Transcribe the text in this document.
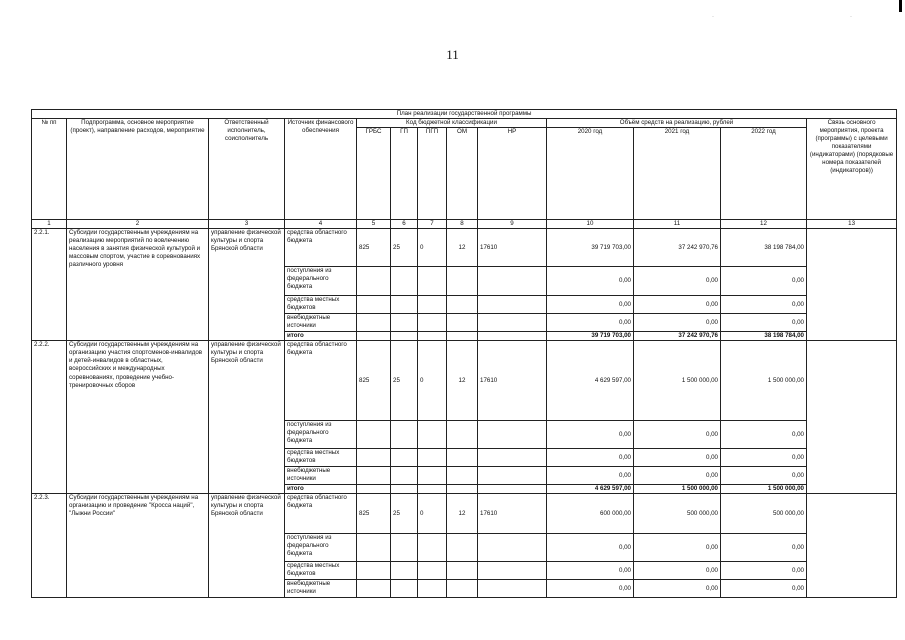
·	·
11
План реализации государственной программы												
№ пп	Подпрограмма, основное мероприятие (проект), направление расходов, мероприятие	Ответственный исполнитель, соисполнитель	Источник финансового обеспечения	Код бюджетной классификации					Объём средств на реализацию, рублей			Связь основного мероприятия, проекта (программы) с целевыми показателями (индикаторами) (порядковые номера показателей (индикаторов))
				ГРБС	ГП	ПГП	ОМ	НР	2020 год	2021 год	2022 год	
1	2	3	4	5	6	7	8	9	10	11	12	13
2.2.1.	Субсидии государственным учреждениям на реализацию мероприятий по вовлечению населения в занятия физической культурой и массовым спортом, участие в соревнованиях различного уровня	управление физической культуры и спорта Брянской области	средства областного бюджета	825	25	0	12	17610	39 719 703,00	37 242 970,76	38 198 784,00	
			поступления из федерального бюджета						0,00	0,00	0,00	
			средства местных бюджетов						0,00	0,00	0,00	
			внебюджетные источники						0,00	0,00	0,00	
			итого						39 719 703,00	37 242 970,76	38 198 784,00	
2.2.2.	Субсидии государственным учреждениям на организацию участия спортсменов-инвалидов и детей-инвалидов в областных, всероссийских и международных соревнованиях, проведение учебно-тренировочных сборов	управление физической культуры и спорта Брянской области	средства областного бюджета	825	25	0	12	17610	4 629 597,00	1 500 000,00	1 500 000,00	
			поступления из федерального бюджета						0,00	0,00	0,00	
			средства местных бюджетов						0,00	0,00	0,00	
			внебюджетные источники						0,00	0,00	0,00	
			итого						4 629 597,00	1 500 000,00	1 500 000,00	
2.2.3.	Субсидии государственным учреждениям на организацию и проведение "Кросса наций", "Лыжни России"	управление физической культуры и спорта Брянской области	средства областного бюджета	825	25	0	12	17610	600 000,00	500 000,00	500 000,00	
			поступления из федерального бюджета						0,00	0,00	0,00	
			средства местных бюджетов						0,00	0,00	0,00	
			внебюджетные источники						0,00	0,00	0,00	
